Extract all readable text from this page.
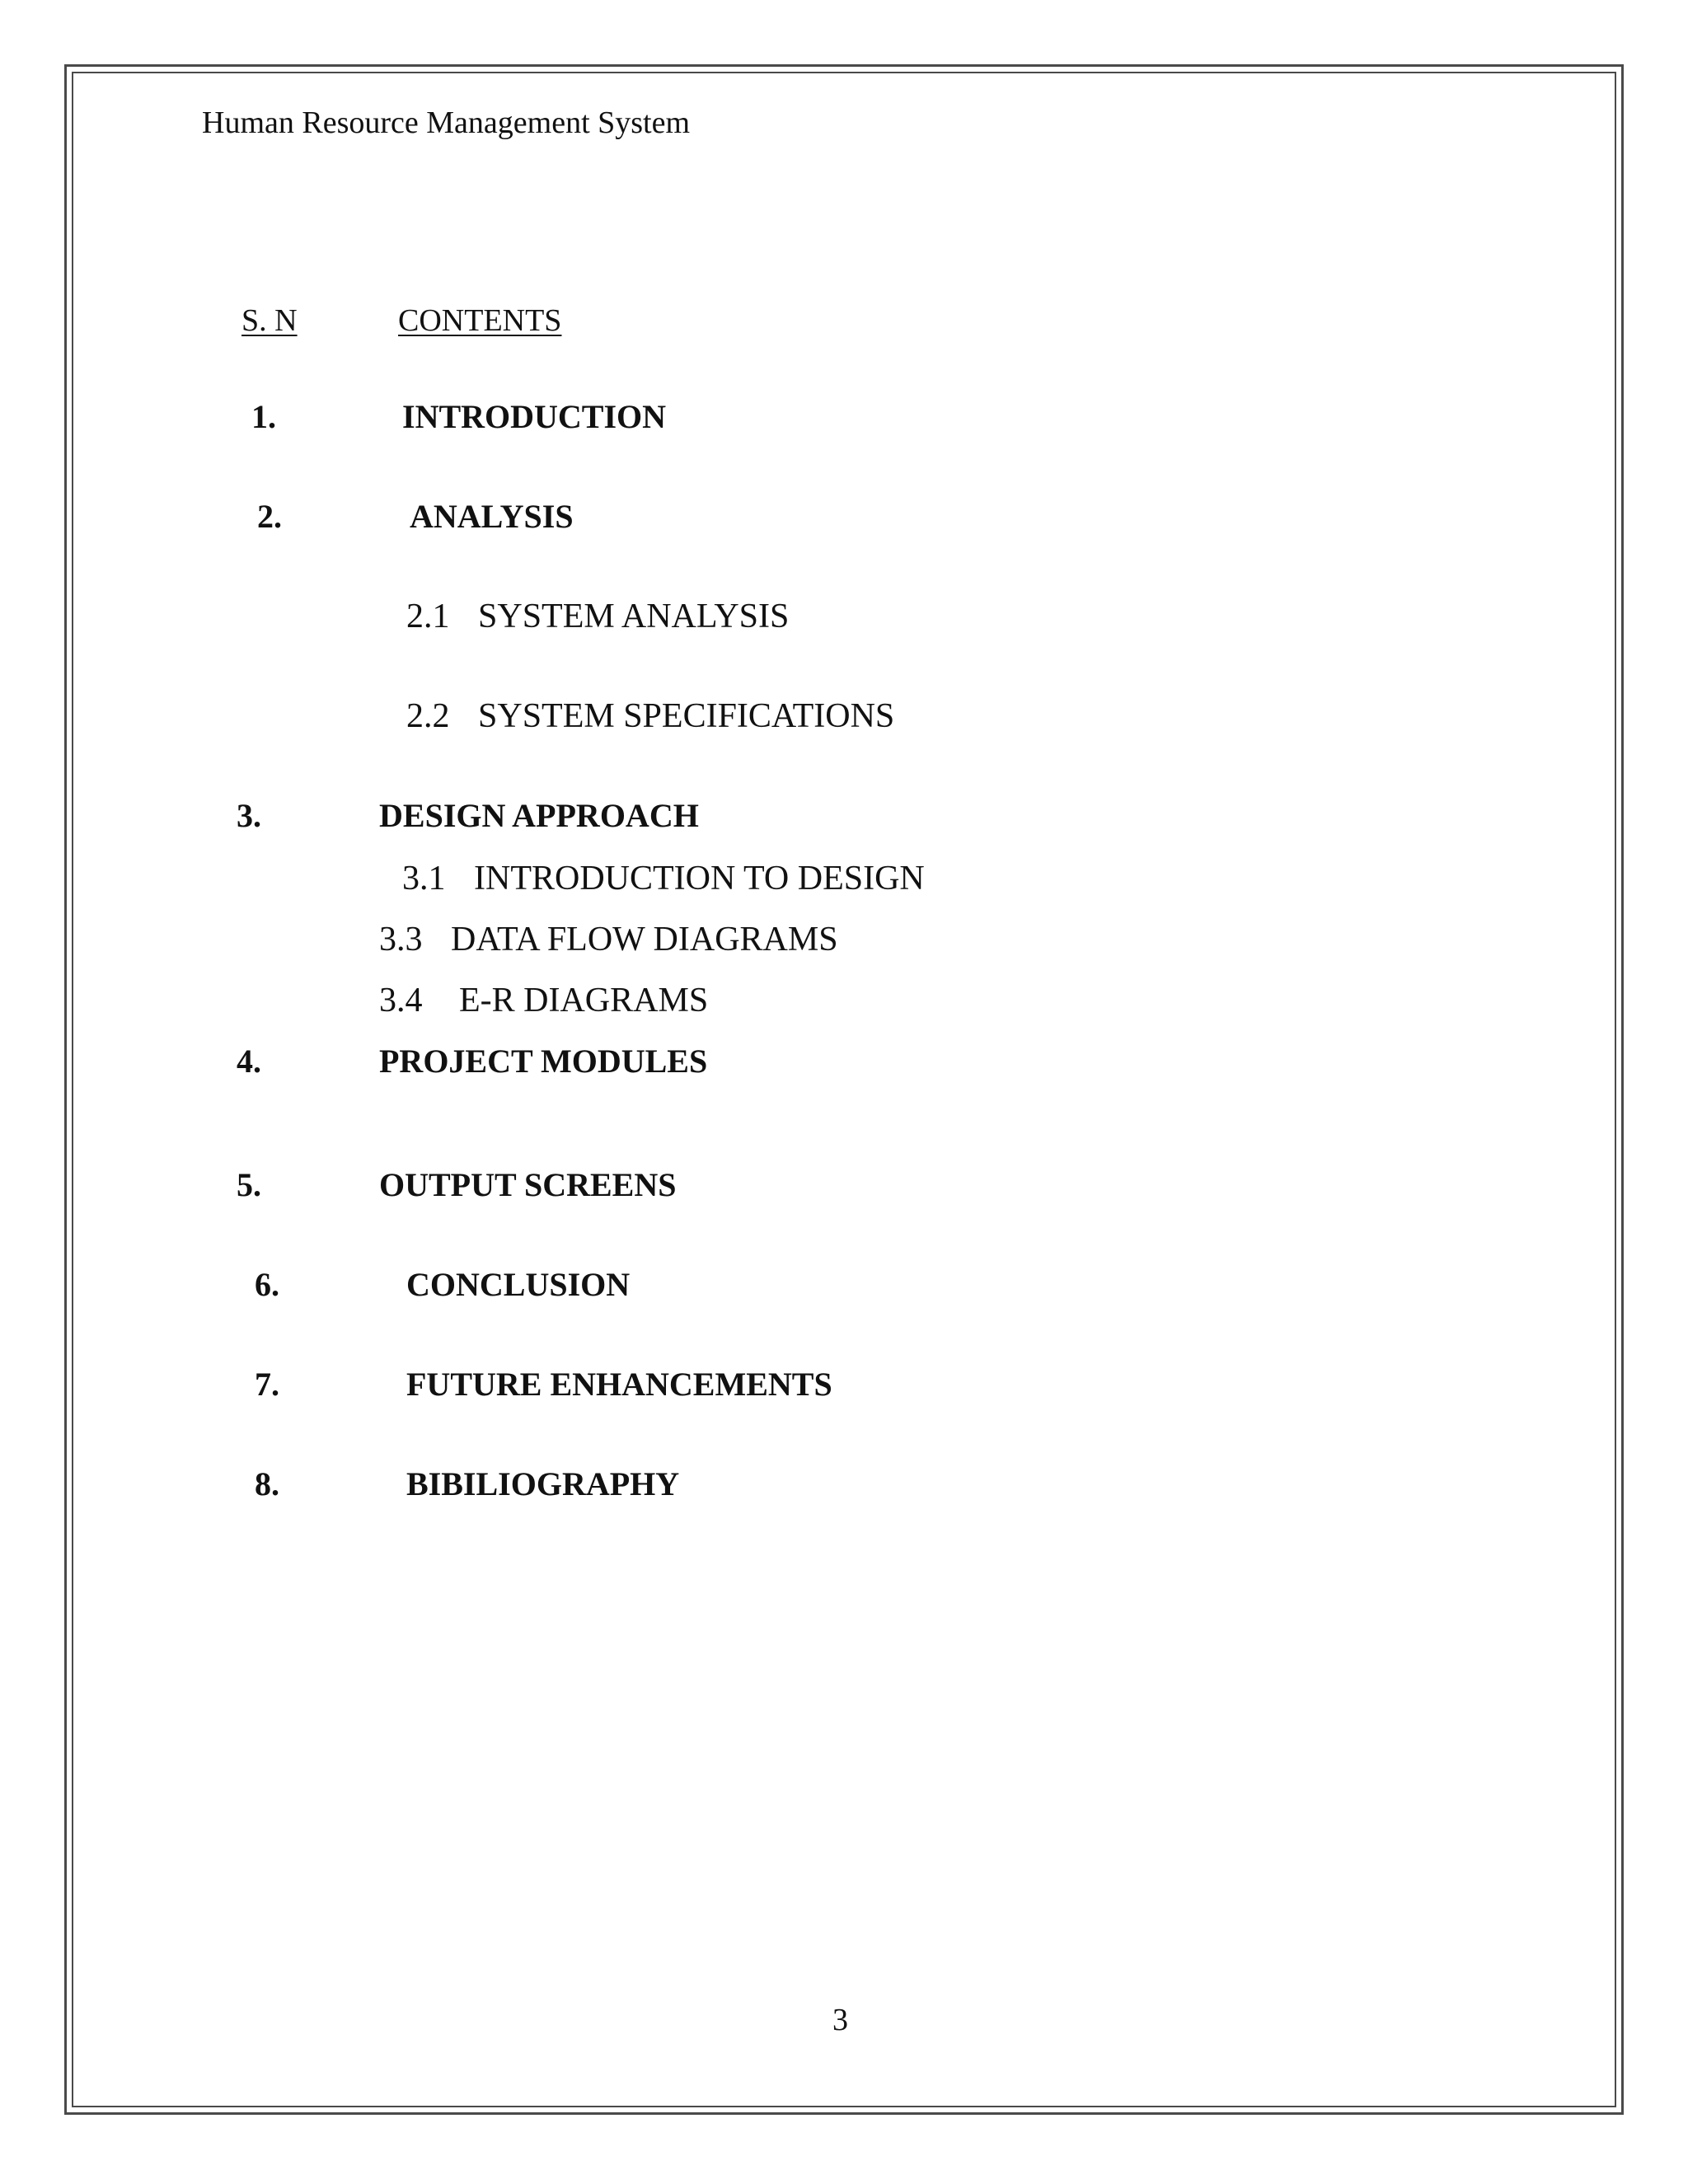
Human Resource Management System
S. N	CONTENTS
1.	INTRODUCTION
2.	ANALYSIS
2.1 SYSTEM ANALYSIS
2.2 SYSTEM SPECIFICATIONS
3.	DESIGN APPROACH
3.1 INTRODUCTION TO DESIGN
3.3 DATA FLOW DIAGRAMS
3.4 E-R DIAGRAMS
4.	PROJECT MODULES
5.	OUTPUT SCREENS
6.	CONCLUSION
7.	FUTURE ENHANCEMENTS
8.	BIBILIOGRAPHY
3
